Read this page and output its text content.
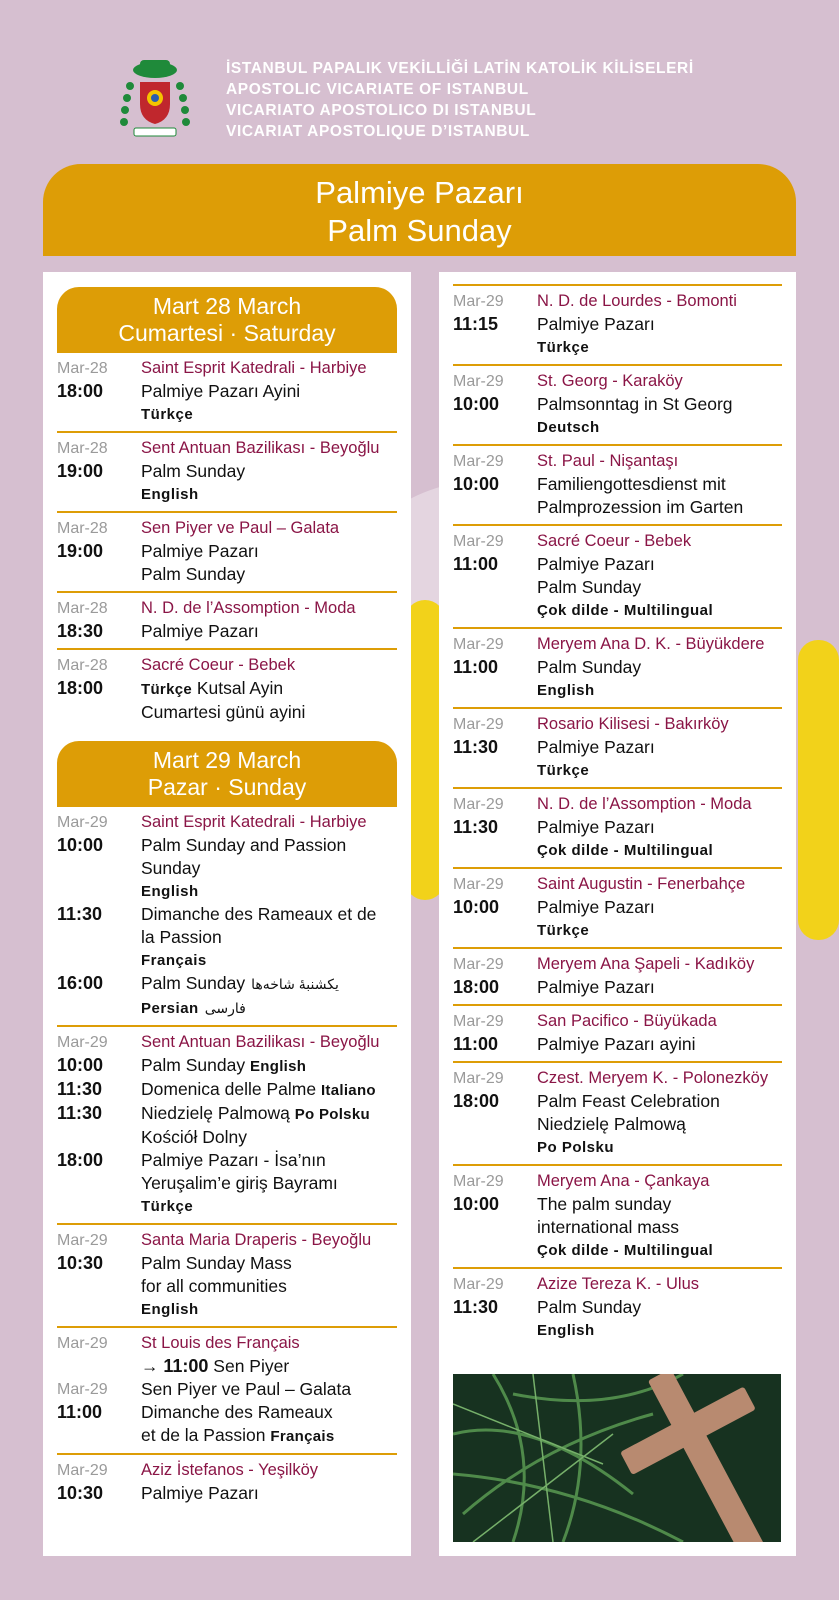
İSTANBUL PAPALIK VEKİLLİĞİ LATİN KATOLİK KİLİSELERİ
APOSTOLIC VICARIATE OF ISTANBUL
VICARIATO APOSTOLICO DI ISTANBUL
VICARIAT APOSTOLIQUE D’ISTANBUL
Palmiye Pazarı
Palm Sunday
Mart 28 March
Cumartesi · Saturday
Mar-28	Saint Esprit Katedrali - Harbiye
18:00	Palmiye Pazarı Ayini
Türkçe
Mar-28	Sent Antuan Bazilikası - Beyoğlu
19:00	Palm Sunday
English
Mar-28	Sen Piyer ve Paul – Galata
19:00	Palmiye Pazarı
Palm Sunday
Mar-28	N. D. de l’Assomption - Moda
18:30	Palmiye Pazarı
Mar-28	Sacré Coeur - Bebek
18:00	Türkçe Kutsal Ayin
Cumartesi günü ayini
Mart 29 March
Pazar · Sunday
Mar-29	Saint Esprit Katedrali - Harbiye
10:00	Palm Sunday and Passion
Sunday
English
11:30	Dimanche des Rameaux et de
la Passion
Français
16:00	Palm Sunday یکشنبهٔ شاخه‌ها
Persian فارسی
Mar-29	Sent Antuan Bazilikası - Beyoğlu
10:00	Palm Sunday English
11:30	Domenica delle Palme Italiano
11:30	Niedzielę Palmową Po Polsku
Kościół Dolny
18:00	Palmiye Pazarı - İsa’nın
Yeruşalim’e giriş Bayramı
Türkçe
Mar-29	Santa Maria Draperis - Beyoğlu
10:30	Palm Sunday Mass
for all communities
English
Mar-29	St Louis des Français
→ 11:00 Sen Piyer
Mar-29	Sen Piyer ve Paul – Galata
11:00	Dimanche des Rameaux
et de la Passion Français
Mar-29	Aziz İstefanos - Yeşilköy
10:30	Palmiye Pazarı
Mar-29	N. D. de Lourdes - Bomonti
11:15	Palmiye Pazarı
Türkçe
Mar-29	St. Georg - Karaköy
10:00	Palmsonntag in St Georg
Deutsch
Mar-29	St. Paul - Nişantaşı
10:00	Familiengottesdienst mit
Palmprozession im Garten
Mar-29	Sacré Coeur - Bebek
11:00	Palmiye Pazarı
Palm Sunday
Çok dilde - Multilingual
Mar-29	Meryem Ana D. K. - Büyükdere
11:00	Palm Sunday
English
Mar-29	Rosario Kilisesi - Bakırköy
11:30	Palmiye Pazarı
Türkçe
Mar-29	N. D. de l’Assomption - Moda
11:30	Palmiye Pazarı
Çok dilde - Multilingual
Mar-29	Saint Augustin - Fenerbahçe
10:00	Palmiye Pazarı
Türkçe
Mar-29	Meryem Ana Şapeli - Kadıköy
18:00	Palmiye Pazarı
Mar-29	San Pacifico - Büyükada
11:00	Palmiye Pazarı ayini
Mar-29	Czest. Meryem K. - Polonezköy
18:00	Palm Feast Celebration
Niedzielę Palmową
Po Polsku
Mar-29	Meryem Ana - Çankaya
10:00	The palm sunday
international mass
Çok dilde - Multilingual
Mar-29	Azize Tereza K. - Ulus
11:30	Palm Sunday
English
